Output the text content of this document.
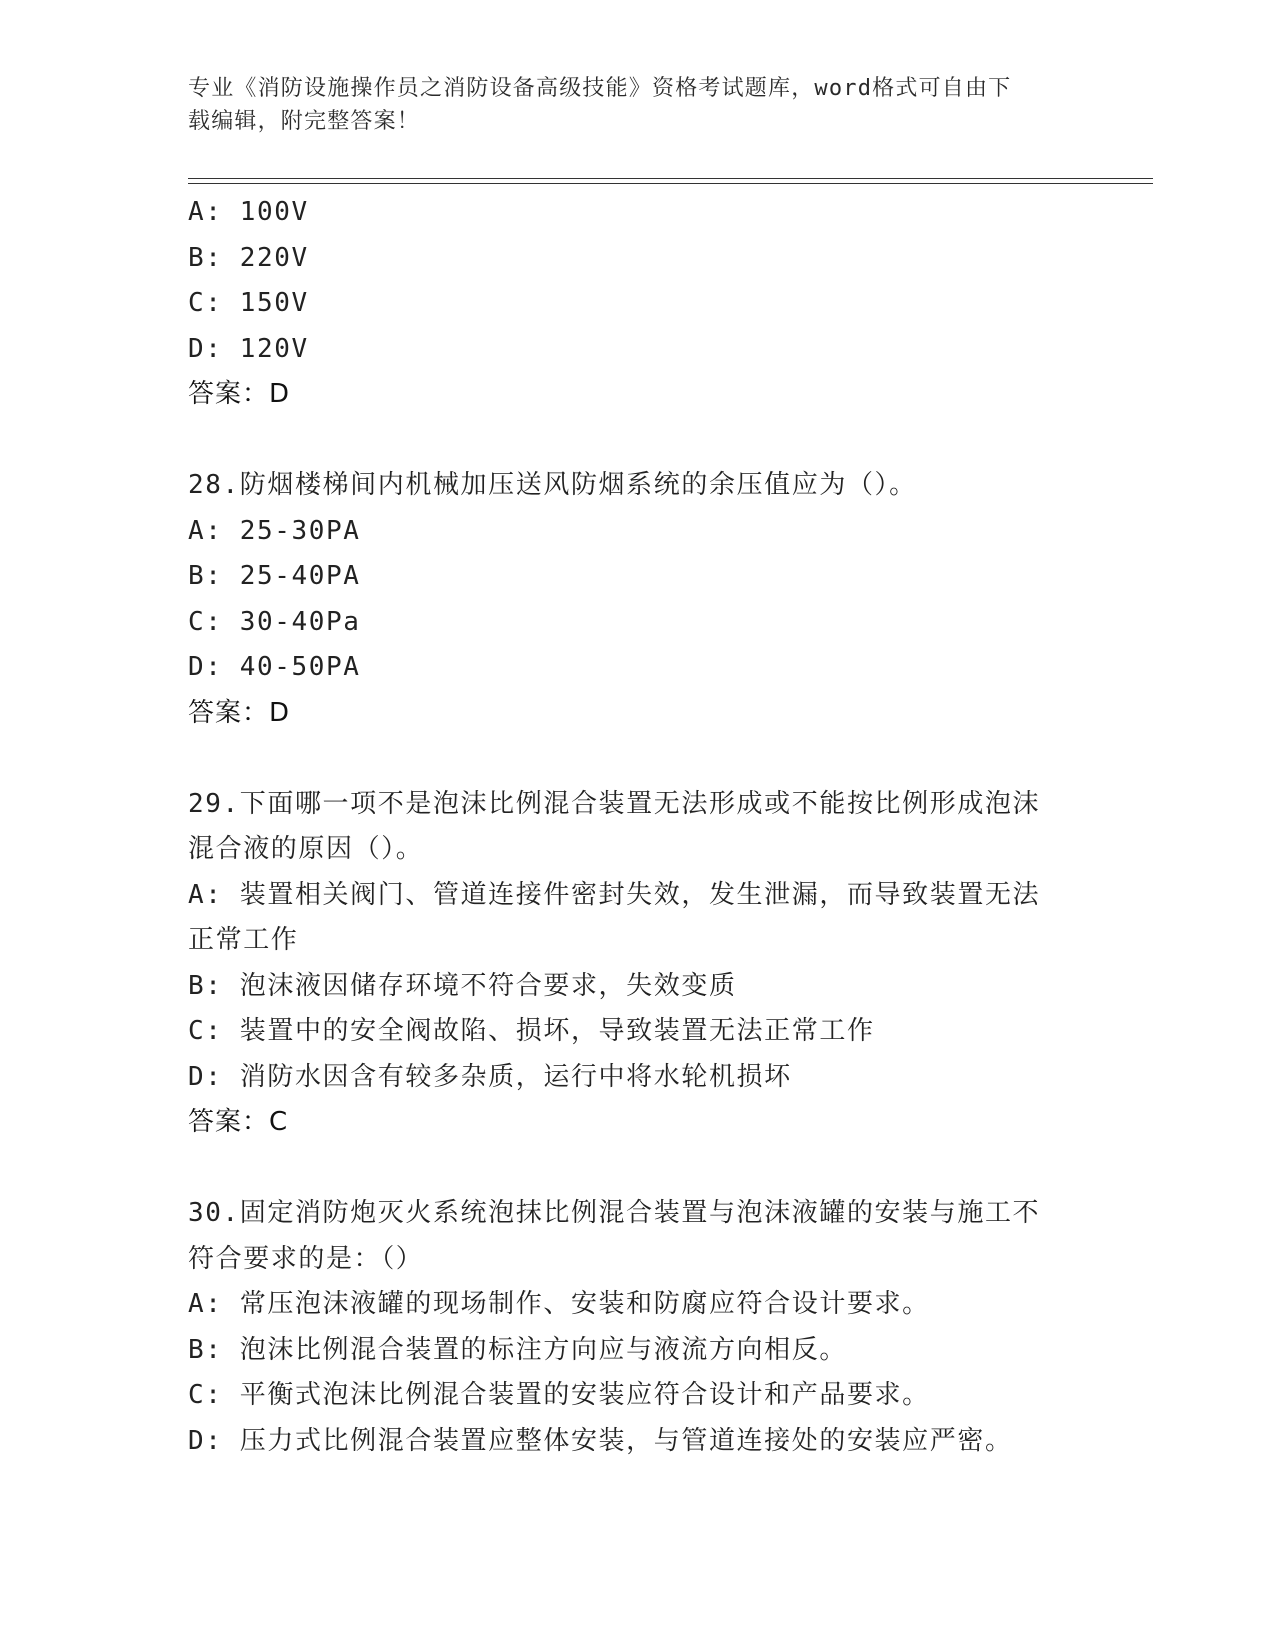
专业《消防设施操作员之消防设备高级技能》资格考试题库，word格式可自由下
载编辑，附完整答案！
A: 100V
B: 220V
C: 150V
D: 120V
答案：D
28.防烟楼梯间内机械加压送风防烟系统的余压值应为（）。
A: 25-30PA
B: 25-40PA
C: 30-40Pa
D: 40-50PA
答案：D
29.下面哪一项不是泡沫比例混合装置无法形成或不能按比例形成泡沫
混合液的原因（）。
A: 装置相关阀门、管道连接件密封失效，发生泄漏，而导致装置无法
正常工作
B: 泡沫液因储存环境不符合要求，失效变质
C: 装置中的安全阀故陷、损坏，导致装置无法正常工作
D: 消防水因含有较多杂质，运行中将水轮机损坏
答案：C
30.固定消防炮灭火系统泡抹比例混合装置与泡沫液罐的安装与施工不
符合要求的是：（）
A: 常压泡沫液罐的现场制作、安装和防腐应符合设计要求。
B: 泡沫比例混合装置的标注方向应与液流方向相反。
C: 平衡式泡沫比例混合装置的安装应符合设计和产品要求。
D: 压力式比例混合装置应整体安装，与管道连接处的安装应严密。
